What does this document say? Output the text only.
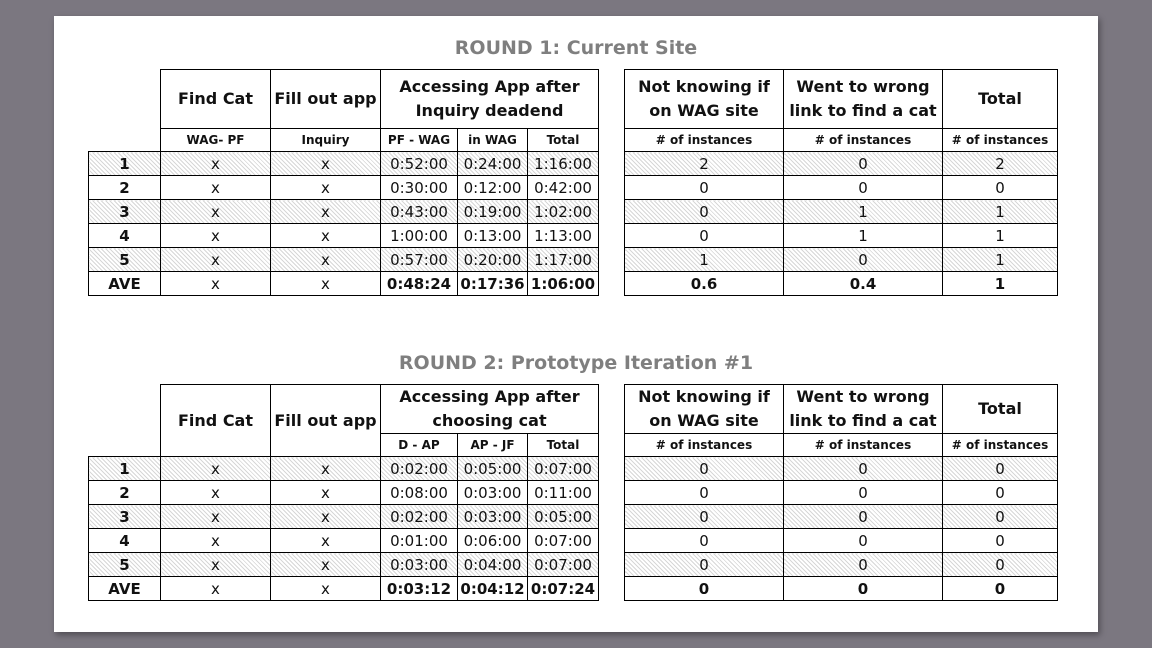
ROUND 1: Current Site
	Find Cat	Fill out app	Accessing App after Inquiry deadend		
	WAG- PF	Inquiry	PF - WAG	in WAG	Total
1	x	x	0:52:00	0:24:00	1:16:00
2	x	x	0:30:00	0:12:00	0:42:00
3	x	x	0:43:00	0:19:00	1:02:00
4	x	x	1:00:00	0:13:00	1:13:00
5	x	x	0:57:00	0:20:00	1:17:00
AVE	x	x	0:48:24	0:17:36	1:06:00
Not knowing if on WAG site	Went to wrong link to find a cat	Total
# of instances	# of instances	# of instances
2	0	2
0	0	0
0	1	1
0	1	1
1	0	1
0.6	0.4	1
ROUND 2: Prototype Iteration #1
	Find Cat	Fill out app	Accessing App after choosing cat		
			D - AP	AP - JF	Total
1	x	x	0:02:00	0:05:00	0:07:00
2	x	x	0:08:00	0:03:00	0:11:00
3	x	x	0:02:00	0:03:00	0:05:00
4	x	x	0:01:00	0:06:00	0:07:00
5	x	x	0:03:00	0:04:00	0:07:00
AVE	x	x	0:03:12	0:04:12	0:07:24
Not knowing if on WAG site	Went to wrong link to find a cat	Total
# of instances	# of instances	# of instances
0	0	0
0	0	0
0	0	0
0	0	0
0	0	0
0	0	0
